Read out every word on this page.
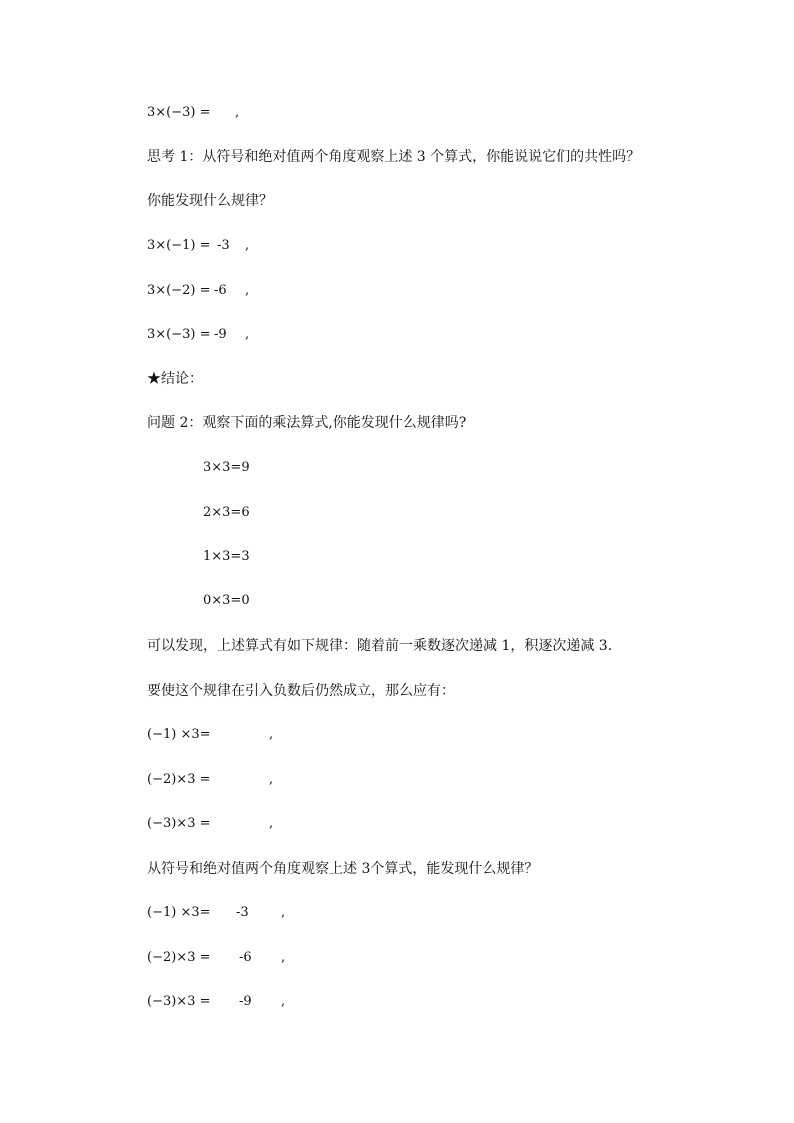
3×(−3) = ,
思考 1：从符号和绝对值两个角度观察上述 3 个算式，你能说说它们的共性吗？
你能发现什么规律？
3×(−1) = -3 ,
3×(−2) = -6 ,
3×(−3) = -9 ,
★结论：
问题 2：观察下面的乘法算式,你能发现什么规律吗?
3×3=9
2×3=6
1×3=3
0×3=0
可以发现，上述算式有如下规律：随着前一乘数逐次递减 1，积逐次递减 3.
要使这个规律在引入负数后仍然成立，那么应有：
(−1) ×3=	,
(−2)×3 =	,
(−3)×3 =	,
从符号和绝对值两个角度观察上述 3个算式，能发现什么规律？
(−1) ×3= -3 ,
(−2)×3 = -6 ,
(−3)×3 = -9 ,
